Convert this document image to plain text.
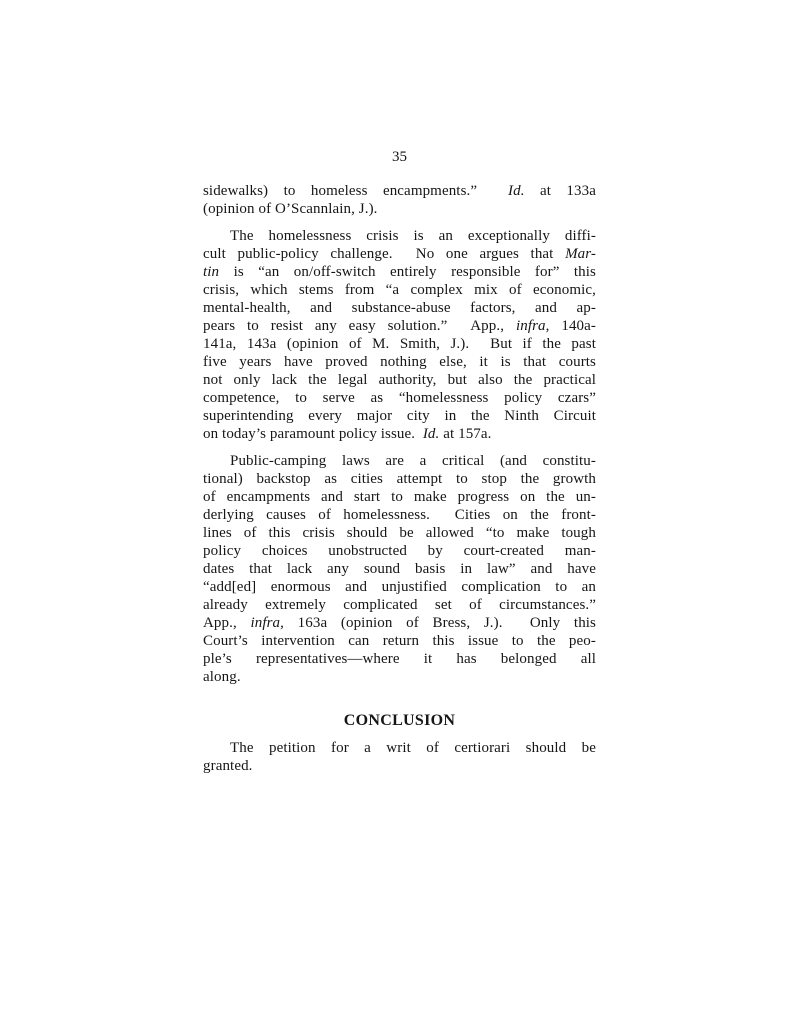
35
sidewalks) to homeless encampments.”  Id. at 133a
(opinion of O’Scannlain, J.).
The homelessness crisis is an exceptionally diffi-
cult public-policy challenge.  No one argues that Mar-
tin is “an on/off-switch entirely responsible for” this
crisis, which stems from “a complex mix of economic,
mental-health, and substance-abuse factors, and ap-
pears to resist any easy solution.”  App., infra, 140a-
141a, 143a (opinion of M. Smith, J.).  But if the past
five years have proved nothing else, it is that courts
not only lack the legal authority, but also the practical
competence, to serve as “homelessness policy czars”
superintending every major city in the Ninth Circuit
on today’s paramount policy issue.  Id. at 157a.
Public-camping laws are a critical (and constitu-
tional) backstop as cities attempt to stop the growth
of encampments and start to make progress on the un-
derlying causes of homelessness.  Cities on the front-
lines of this crisis should be allowed “to make tough
policy choices unobstructed by court-created man-
dates that lack any sound basis in law” and have
“add[ed] enormous and unjustified complication to an
already extremely complicated set of circumstances.”
App., infra, 163a (opinion of Bress, J.).  Only this
Court’s intervention can return this issue to the peo-
ple’s representatives—where it has belonged all
along.
CONCLUSION
The petition for a writ of certiorari should be
granted.
